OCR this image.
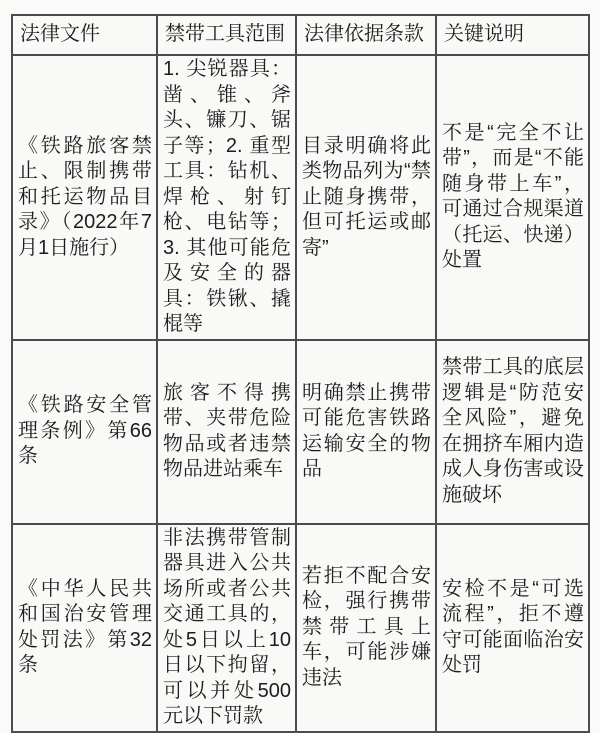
法律文件	禁带工具范围	法律依据条款	关键说明
《铁路旅客禁止、限制携带和托运物品目录》（2022年7月1日施行）	1. 尖锐器具：凿、锥、斧头、镰刀、锯子等；2. 重型工具：钻机、焊枪、射钉枪、电钻等；3. 其他可能危及安全的器具：铁锹、撬棍等	目录明确将此类物品列为“禁止随身携带，但可托运或邮寄”	不是“完全不让带”，而是“不能随身带上车”，可通过合规渠道（托运、快递）处置
《铁路安全管理条例》第66条	旅客不得携带、夹带危险物品或者违禁物品进站乘车	明确禁止携带可能危害铁路运输安全的物品	禁带工具的底层逻辑是“防范安全风险”，避免在拥挤车厢内造成人身伤害或设施破坏
《中华人民共和国治安管理处罚法》第32条	非法携带管制器具进入公共场所或者公共交通工具的，处5日以上10日以下拘留，可以并处500元以下罚款	若拒不配合安检，强行携带禁带工具上车，可能涉嫌违法	安检不是“可选流程”，拒不遵守可能面临治安处罚
